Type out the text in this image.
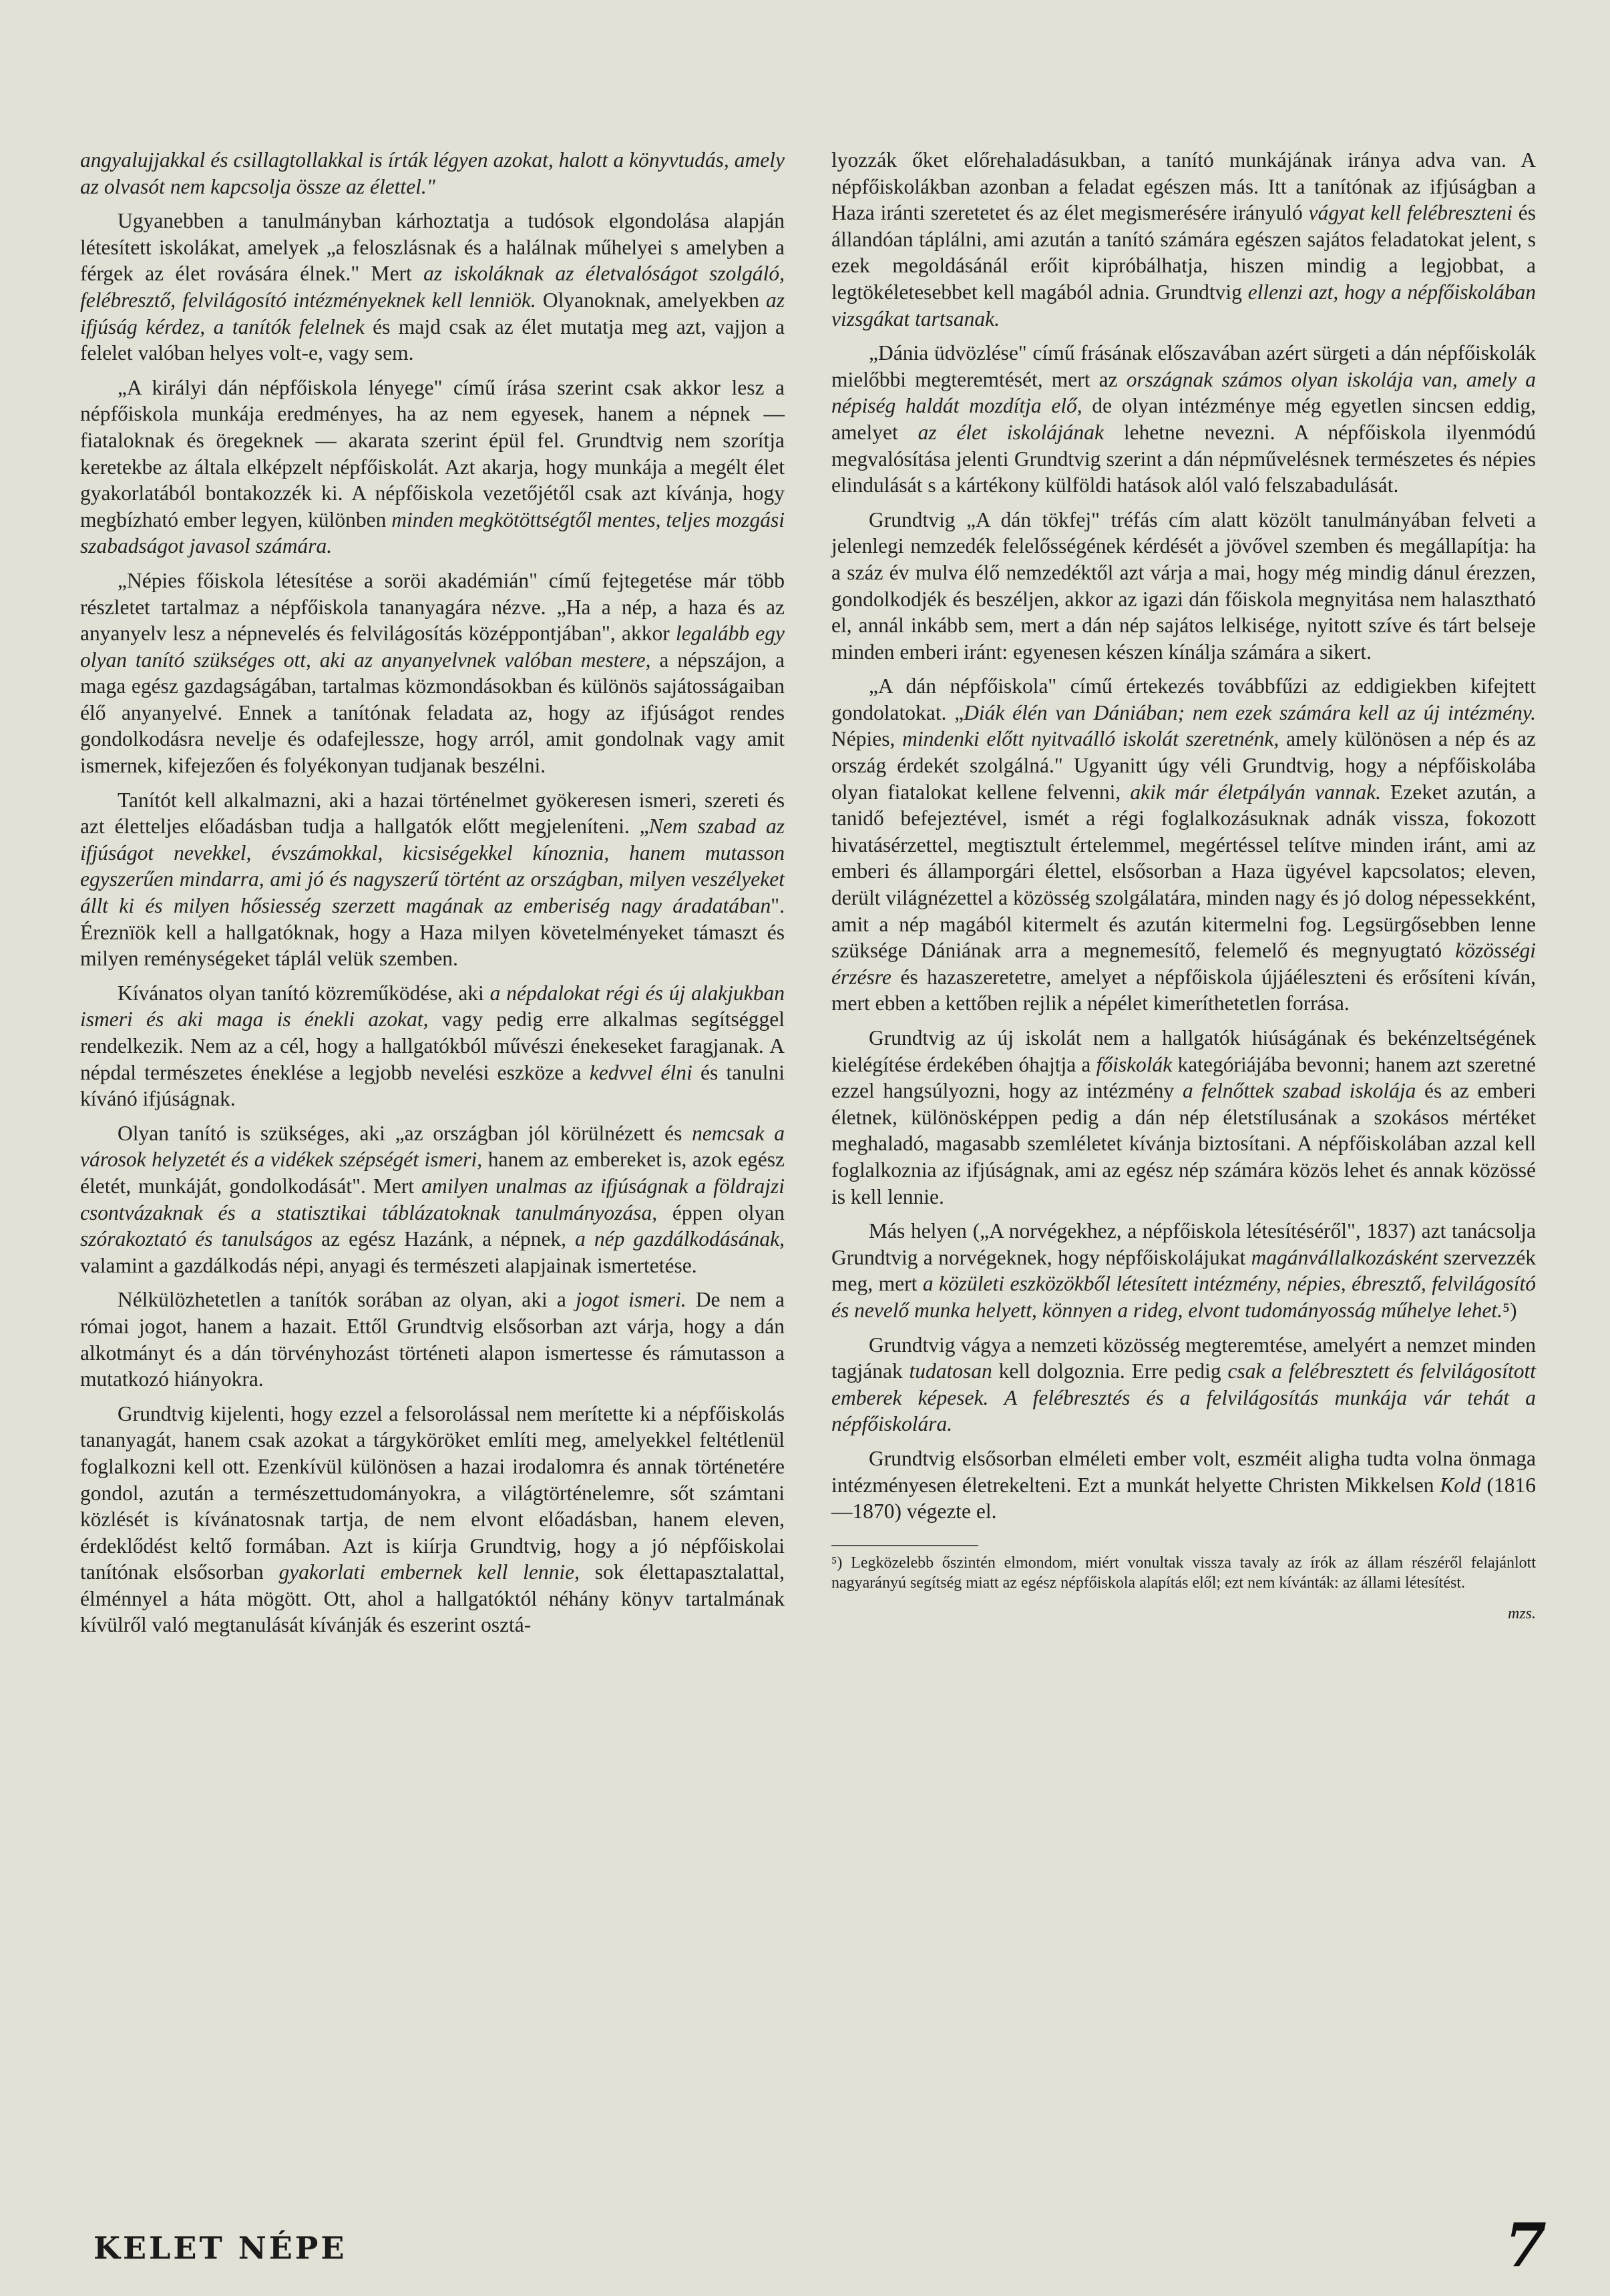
angyalujjakkal és csillagtollakkal is írták légyen azokat, halott a könyvtudás, amely az olvasót nem kapcsolja össze az élettel."

Ugyanebben a tanulmányban kárhoztatja a tudósok elgondolása alapján létesített iskolákat, amelyek „a feloszlásnak és a halálnak műhelyei s amelyben a férgek az élet rovására élnek." Mert az iskoláknak az életvalóságot szolgáló, felébresztő, felvilágosító intézményeknek kell lenniök. Olyanoknak, amelyekben az ifjúság kérdez, a tanítók felelnek és majd csak az élet mutatja meg azt, vajjon a felelet valóban helyes volt-e, vagy sem.

„A királyi dán népfőiskola lényege" című írása szerint csak akkor lesz a népfőiskola munkája eredményes, ha az nem egyesek, hanem a népnek — fiataloknak és öregeknek — akarata szerint épül fel. Grundtvig nem szorítja keretekbe az általa elképzelt népfőiskolát. Azt akarja, hogy munkája a megélt élet gyakorlatából bontakozzék ki. A népfőiskola vezetőjétől csak azt kívánja, hogy megbízható ember legyen, különben minden megkötöttségtől mentes, teljes mozgási szabadságot javasol számára.

„Népies főiskola létesítése a soröi akadémián" című fejtegetése már több részletet tartalmaz a népfőiskola tananyagára nézve. „Ha a nép, a haza és az anyanyelv lesz a népnevelés és felvilágosítás középpontjában", akkor legalább egy olyan tanító szükséges ott, aki az anyanyelvnek valóban mestere, a népszájon, a maga egész gazdagságában, tartalmas közmondásokban és különös sajátosságaiban élő anyanyelvé. Ennek a tanítónak feladata az, hogy az ifjúságot rendes gondolkodásra nevelje és odafejlessze, hogy arról, amit gondolnak vagy amit ismernek, kifejezően és folyékonyan tudjanak beszélni.

Tanítót kell alkalmazni, aki a hazai történelmet gyökeresen ismeri, szereti és azt életteljes előadásban tudja a hallgatók előtt megjeleníteni. „Nem szabad az ifjúságot nevekkel, évszámokkal, kicsiségekkel kínoznia, hanem mutasson egyszerűen mindarra, ami jó és nagyszerű történt az országban, milyen veszélyeket állt ki és milyen hősiesség szerzett magának az emberiség nagy áradatában". Éreznïök kell a hallgatóknak, hogy a Haza milyen követelményeket támaszt és milyen reménységeket táplál velük szemben.

Kívánatos olyan tanító közreműködése, aki a népdalokat régi és új alakjukban ismeri és aki maga is énekli azokat, vagy pedig erre alkalmas segítséggel rendelkezik. Nem az a cél, hogy a hallgatókból művészi énekeseket faragjanak. A népdal természetes éneklése a legjobb nevelési eszköze a kedvvel élni és tanulni kívánó ifjúságnak.

Olyan tanító is szükséges, aki „az országban jól körülnézett és nemcsak a városok helyzetét és a vidékek szépségét ismeri, hanem az embereket is, azok egész életét, munkáját, gondolkodását". Mert amilyen unalmas az ifjúságnak a földrajzi csontvázaknak és a statisztikai táblázatoknak tanulmányozása, éppen olyan szórakoztató és tanulságos az egész Hazánk, a népnek, a nép gazdálkodásának, valamint a gazdálkodás népi, anyagi és természeti alapjainak ismertetése.

Nélkülözhetetlen a tanítók sorában az olyan, aki a jogot ismeri. De nem a római jogot, hanem a hazait. Ettől Grundtvig elsősorban azt várja, hogy a dán alkotmányt és a dán törvényhozást történeti alapon ismertesse és rámutasson a mutatkozó hiányokra.

Grundtvig kijelenti, hogy ezzel a felsorolással nem merítette ki a népfőiskolás tananyagát, hanem csak azokat a tárgyköröket említi meg, amelyekkel feltétlenül foglalkozni kell ott. Ezenkívül különösen a hazai irodalomra és annak történetére gondol, azután a természettudományokra, a világtörténelemre, sőt számtani közlését is kívánatosnak tartja, de nem elvont előadásban, hanem eleven, érdeklődést keltő formában. Azt is kiírja Grundtvig, hogy a jó népfőiskolai tanítónak elsősorban gyakorlati embernek kell lennie, sok élettapasztalattal, élménnyel a háta mögött. Ott, ahol a hallgatóktól néhány könyv tartalmának kívülről való megtanulását kívánják és eszerint osztá-

lyozzák őket előrehaladásukban, a tanító munkájának iránya adva van. A népfőiskolákban azonban a feladat egészen más. Itt a tanítónak az ifjúságban a Haza iránti szeretetet és az élet megismerésére irányuló vágyat kell felébreszteni és állandóan táplálni, ami azután a tanító számára egészen sajátos feladatokat jelent, s ezek megoldásánál erőit kipróbálhatja, hiszen mindig a legjobbat, a legtökéletesebbet kell magából adnia. Grundtvig ellenzi azt, hogy a népfőiskolában vizsgákat tartsanak.

„Dánia üdvözlése" című frásának előszavában azért sürgeti a dán népfőiskolák mielőbbi megteremtését, mert az országnak számos olyan iskolája van, amely a népiség haldát mozdítja elő, de olyan intézménye még egyetlen sincsen eddig, amelyet az élet iskolájának lehetne nevezni. A népfőiskola ilyenmódú megvalósítása jelenti Grundtvig szerint a dán népművelésnek természetes és népies elindulását s a kártékony külföldi hatások alól való felszabadulását.

Grundtvig „A dán tökfej" tréfás cím alatt közölt tanulmányában felveti a jelenlegi nemzedék felelősségének kérdését a jövővel szemben és megállapítja: ha a száz év mulva élő nemzedéktől azt várja a mai, hogy még mindig dánul érezzen, gondolkodjék és beszéljen, akkor az igazi dán főiskola megnyitása nem halasztható el, annál inkább sem, mert a dán nép sajátos lelkisége, nyitott szíve és tárt belseje minden emberi iránt: egyenesen készen kínálja számára a sikert.

„A dán népfőiskola" című értekezés továbbfűzi az eddigiekben kifejtett gondolatokat. „Diák élén van Dániában; nem ezek számára kell az új intézmény. Népies, mindenki előtt nyitvaálló iskolát szeretnénk, amely különösen a nép és az ország érdekét szolgálná." Ugyanitt úgy véli Grundtvig, hogy a népfőiskolába olyan fiatalokat kellene felvenni, akik már életpályán vannak. Ezeket azután, a tanidő befejeztével, ismét a régi foglalkozásuknak adnák vissza, fokozott hivatásérzettel, megtisztult értelemmel, megértéssel telítve minden iránt, ami az emberi és államporgári élettel, elsősorban a Haza ügyével kapcsolatos; eleven, derült világnézettel a közösség szolgálatára, minden nagy és jó dolog népessekként, amit a nép magából kitermelt és azután kitermelni fog. Legsürgősebben lenne szüksége Dániának arra a megnemesítő, felemelő és megnyugtató közösségi érzésre és hazaszeretetre, amelyet a népfőiskola újjáéleszteni és erősíteni kíván, mert ebben a kettőben rejlik a népélet kimeríthetetlen forrása.

Grundtvig az új iskolát nem a hallgatók hiúságának és bekénzeltségének kielégítése érdekében óhajtja a főiskolák kategóriájába bevonni; hanem azt szeretné ezzel hangsúlyozni, hogy az intézmény a felnőttek szabad iskolája és az emberi életnek, különösképpen pedig a dán nép életstílusának a szokásos mértéket meghaladó, magasabb szemléletet kívánja biztosítani. A népfőiskolában azzal kell foglalkoznia az ifjúságnak, ami az egész nép számára közös lehet és annak közössé is kell lennie.

Más helyen („A norvégekhez, a népfőiskola létesítéséről", 1837) azt tanácsolja Grundtvig a norvégeknek, hogy népfőiskolájukat magánvállalkozásként szervezzék meg, mert a közületi eszközökből létesített intézmény, népies, ébresztő, felvilágosító és nevelő munka helyett, könnyen a rideg, elvont tudományosság műhelye lehet.⁵)

Grundtvig vágya a nemzeti közösség megteremtése, amelyért a nemzet minden tagjának tudatosan kell dolgoznia. Erre pedig csak a felébresztett és felvilágosított emberek képesek. A felébresztés és a felvilágosítás munkája vár tehát a népfőiskolára.

Grundtvig elsősorban elméleti ember volt, eszméit aligha tudta volna önmaga intézményesen életrekelteni. Ezt a munkát helyette Christen Mikkelsen Kold (1816—1870) végezte el.

⁵) Legközelebb őszintén elmondom, miért vonultak vissza tavaly az írók az állam részéről felajánlott nagyarányú segítség miatt az egész népfőiskola alapítás elől; ezt nem kívánták: az állami létesítést.

mzs.

KELET NÉPE	7
